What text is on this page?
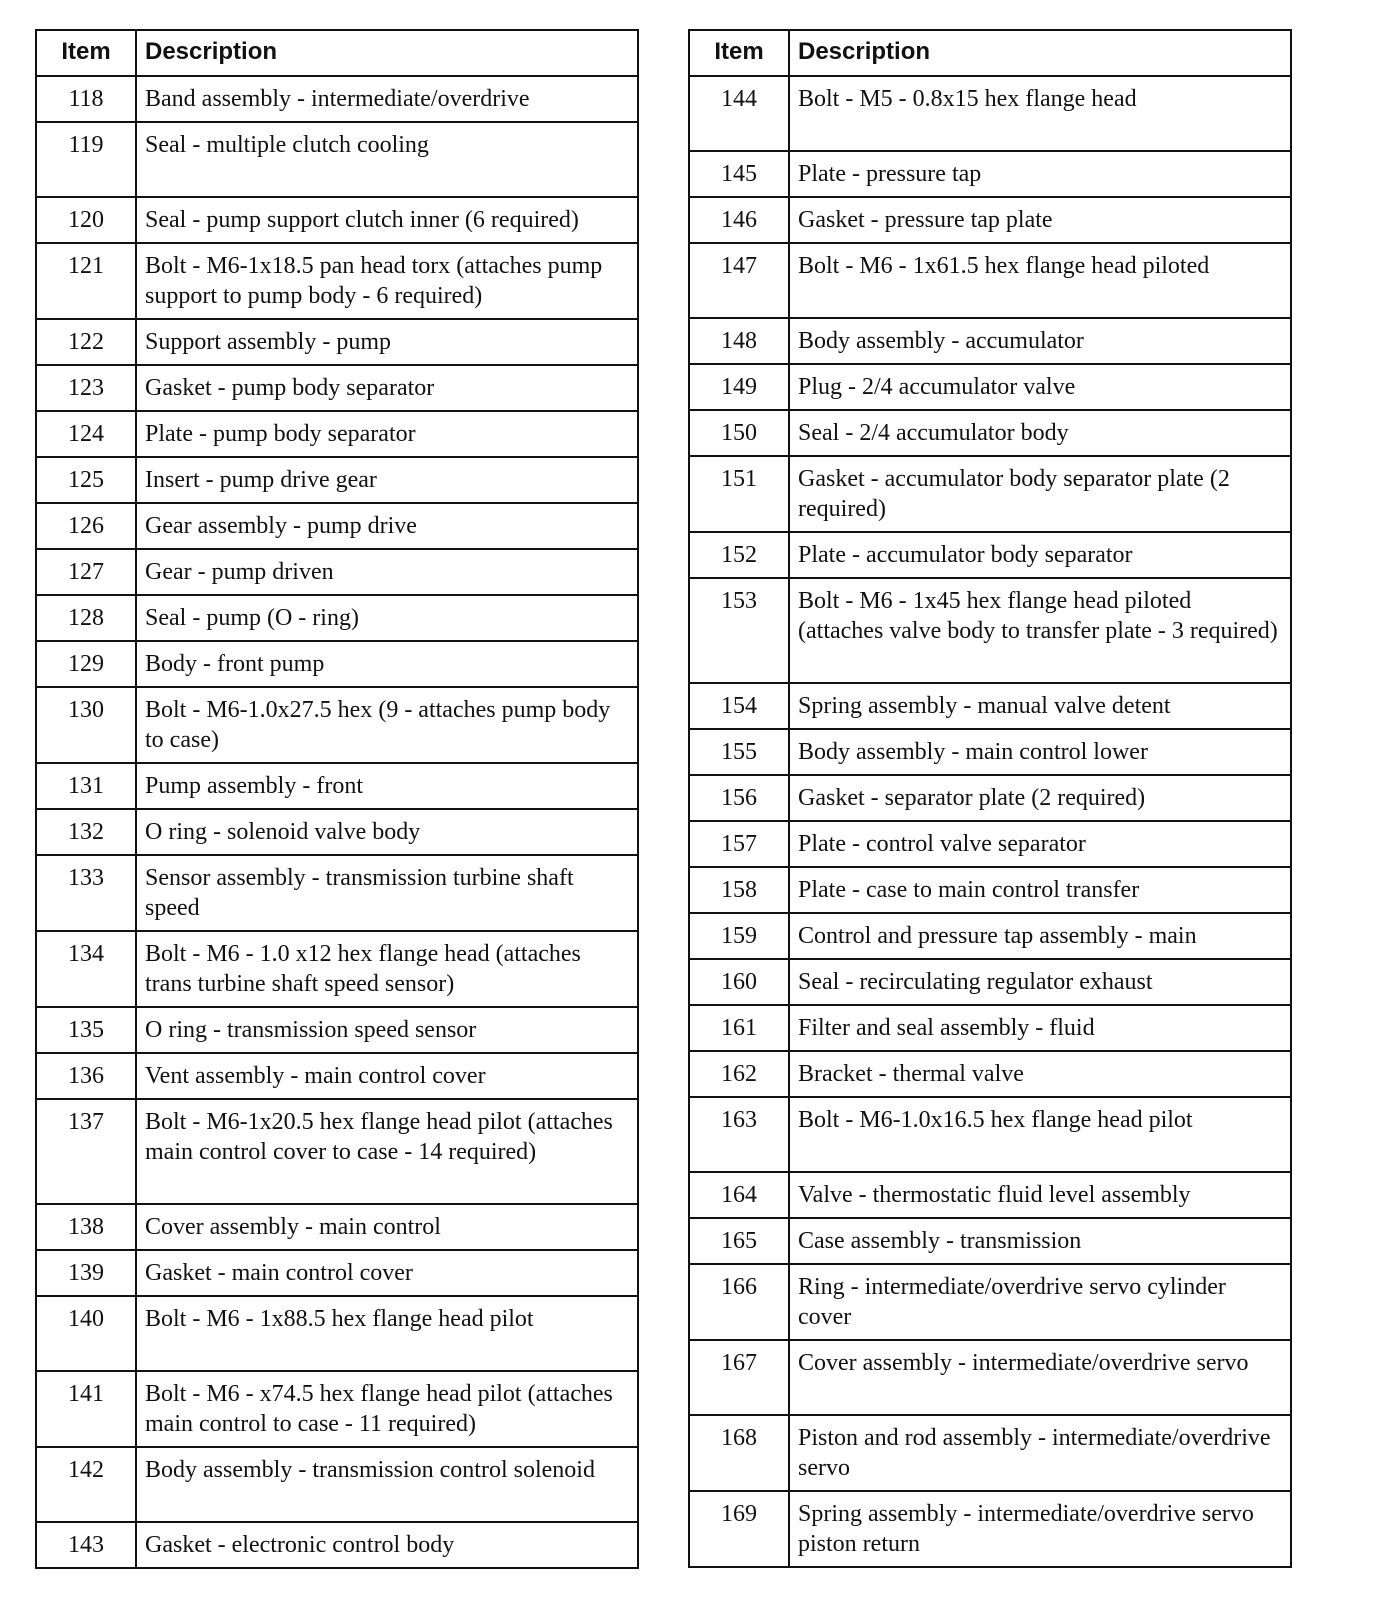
Item	Description
118	Band assembly - intermediate/overdrive
119	Seal - multiple clutch cooling
120	Seal - pump support clutch inner (6 required)
121	Bolt - M6-1x18.5 pan head torx (attaches pump support to pump body - 6 required)
122	Support assembly - pump
123	Gasket - pump body separator
124	Plate - pump body separator
125	Insert - pump drive gear
126	Gear assembly - pump drive
127	Gear - pump driven
128	Seal - pump (O - ring)
129	Body - front pump
130	Bolt - M6-1.0x27.5 hex (9 - attaches pump body to case)
131	Pump assembly - front
132	O ring - solenoid valve body
133	Sensor assembly - transmission turbine shaft speed
134	Bolt - M6 - 1.0 x12 hex flange head (attaches trans turbine shaft speed sensor)
135	O ring - transmission speed sensor
136	Vent assembly - main control cover
137	Bolt - M6-1x20.5 hex flange head pilot (attaches main control cover to case - 14 required)
138	Cover assembly - main control
139	Gasket - main control cover
140	Bolt - M6 - 1x88.5 hex flange head pilot
141	Bolt - M6 - x74.5 hex flange head pilot (attaches main control to case - 11 required)
142	Body assembly - transmission control solenoid
143	Gasket - electronic control body
Item	Description
144	Bolt - M5 - 0.8x15 hex flange head
145	Plate - pressure tap
146	Gasket - pressure tap plate
147	Bolt - M6 - 1x61.5 hex flange head piloted
148	Body assembly - accumulator
149	Plug - 2/4 accumulator valve
150	Seal - 2/4 accumulator body
151	Gasket - accumulator body separator plate (2 required)
152	Plate - accumulator body separator
153	Bolt - M6 - 1x45 hex flange head piloted (attaches valve body to transfer plate - 3 required)
154	Spring assembly - manual valve detent
155	Body assembly - main control lower
156	Gasket - separator plate (2 required)
157	Plate - control valve separator
158	Plate - case to main control transfer
159	Control and pressure tap assembly - main
160	Seal - recirculating regulator exhaust
161	Filter and seal assembly - fluid
162	Bracket - thermal valve
163	Bolt - M6-1.0x16.5 hex flange head pilot
164	Valve - thermostatic fluid level assembly
165	Case assembly - transmission
166	Ring - intermediate/overdrive servo cylinder cover
167	Cover assembly - intermediate/overdrive servo
168	Piston and rod assembly - intermediate/overdrive servo
169	Spring assembly - intermediate/overdrive servo piston return
